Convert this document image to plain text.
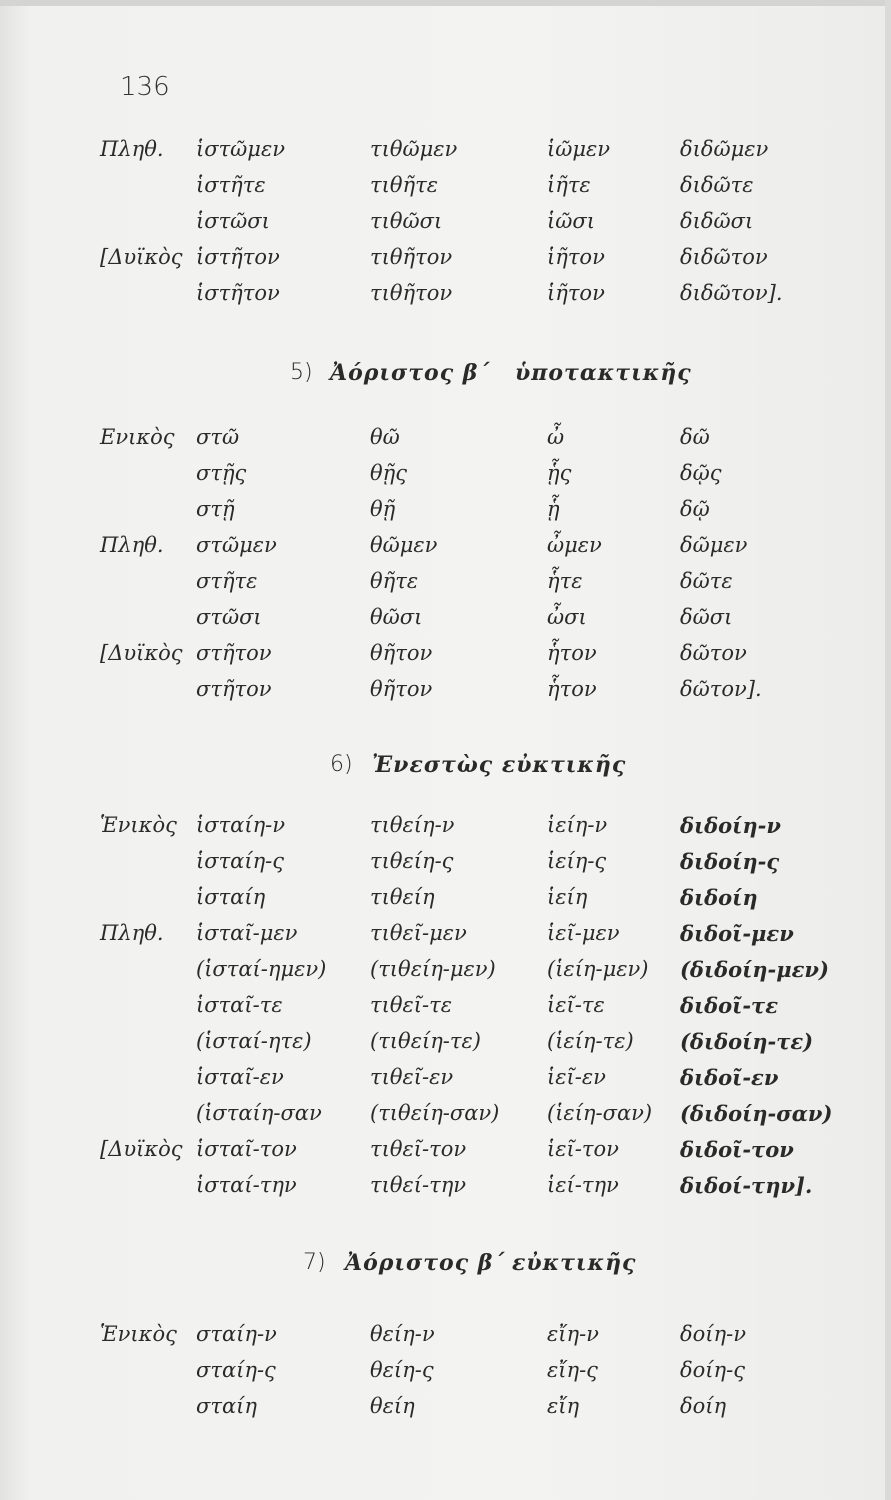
136
Πληθ. ἱστῶμεν	τιθῶμεν	ἱῶμεν	διδῶμεν
ἱστῆτε	τιθῆτε	ἱῆτε	διδῶτε
ἱστῶσι	τιθῶσι	ἱῶσι	διδῶσι
[Δυϊκὸς ἱστῆτον	τιθῆτον	ἱῆτον	διδῶτον
ἱστῆτον	τιθῆτον	ἱῆτον	διδῶτον].
5) Ἀόριστος β΄ ὑποτακτικῆς
Ενικὸς στῶ	θῶ	ὦ	δῶ
στῇς	θῇς	ᾗς	δῷς
στῇ	θῇ	ᾗ	δῷ
Πληθ. στῶμεν	θῶμεν	ὦμεν	δῶμεν
στῆτε	θῆτε	ἧτε	δῶτε
στῶσι	θῶσι	ὦσι	δῶσι
[Δυϊκὸς στῆτον	θῆτον	ἧτον	δῶτον
στῆτον	θῆτον	ἧτον	δῶτον].
6) Ἐνεστὼς εὐκτικῆς
Ἑνικὸς ἱσταίη-ν	τιθείη-ν	ἱείη-ν	διδοίη-ν
ἱσταίη-ς	τιθείη-ς	ἱείη-ς	διδοίη-ς
ἱσταίη	τιθείη	ἱείη	διδοίη
Πληθ. ἱσταῖ-μεν	τιθεῖ-μεν	ἱεῖ-μεν	διδοῖ-μεν
(ἱσταί-ημεν) (τιθείη-μεν) (ἱείη-μεν) (διδοίη-μεν)
ἱσταῖ-τε	τιθεῖ-τε	ἱεῖ-τε	διδοῖ-τε
(ἱσταί-ητε)	(τιθείη-τε)	(ἱείη-τε) (διδοίη-τε)
ἱσταῖ-εν	τιθεῖ-εν	ἱεῖ-εν	διδοῖ-εν
(ἱσταίη-σαν (τιθείη-σαν) (ἱείη-σαν) (διδοίη-σαν)
[Δυϊκὸς ἱσταῖ-τον	τιθεῖ-τον	ἱεῖ-τον	διδοῖ-τον
ἱσταί-την	τιθεί-την	ἱεί-την	διδοί-την].
7) Ἀόριστος β΄ εὐκτικῆς
Ἑνικὸς σταίη-ν	θείη-ν	εἴη-ν	δοίη-ν
σταίη-ς	θείη-ς	εἴη-ς	δοίη-ς
σταίη	θείη	εἴη	δοίη
